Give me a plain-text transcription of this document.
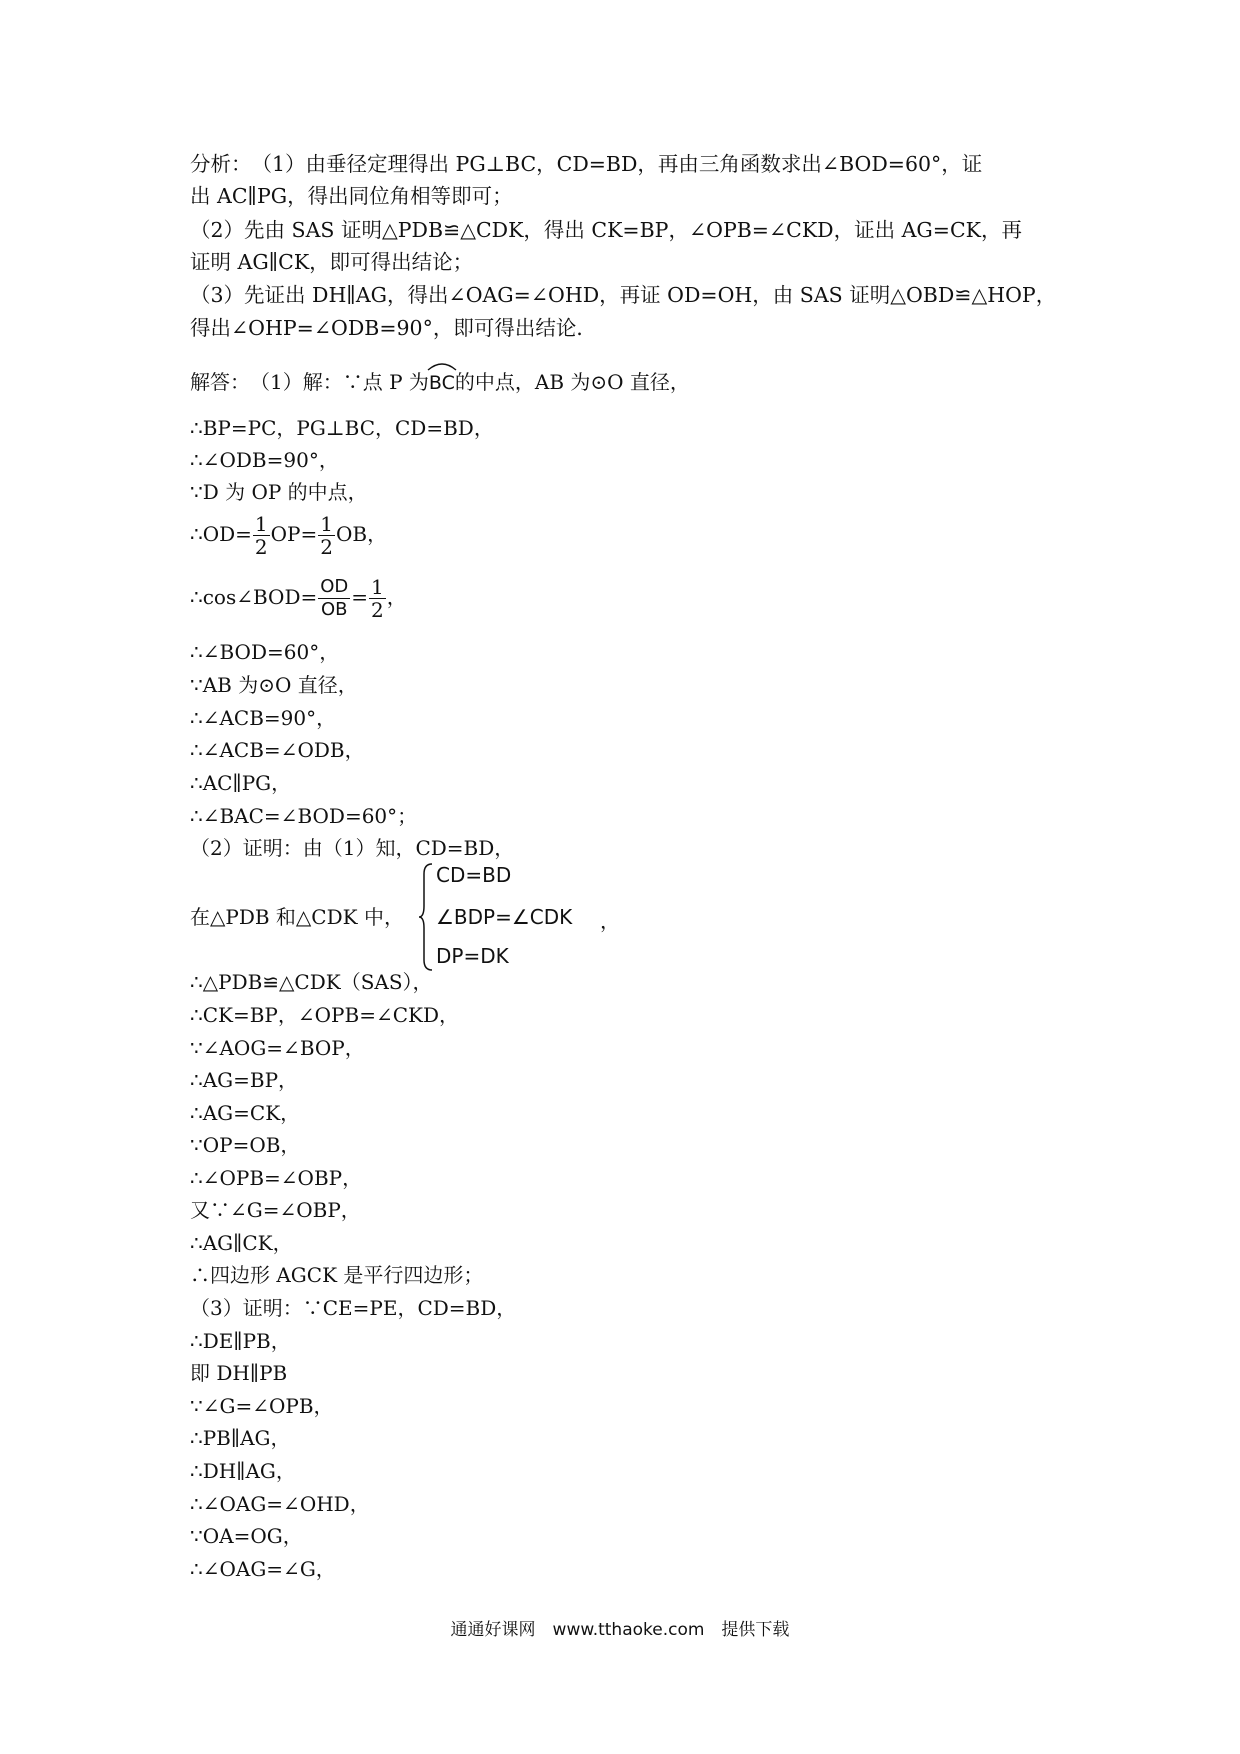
分析：　（1）由垂径定理得出 PG⊥BC，CD=BD，再由三角函数求出∠BOD=60°，证
出 AC∥PG，得出同位角相等即可；
（2）先由 SAS 证明△PDB≌△CDK，得出 CK=BP，∠OPB=∠CKD，证出 AG=CK，再
证明 AG∥CK，即可得出结论；
（3）先证出 DH∥AG，得出∠OAG=∠OHD，再证 OD=OH，由 SAS 证明△OBD≌△HOP，
得出∠OHP=∠ODB=90°，即可得出结论．
解答：　（1）解：∵点 P 为
BC的中点，AB 为⊙O 直径，
∴BP=PC，PG⊥BC，CD=BD，
∴∠ODB=90°，
∵D 为 OP 的中点，
∴OD= $\frac{1}{2} OP= \frac{1}{2}$ OB，
∴cos∠BOD= $\frac{OD}{OB} = \frac{1}{2}$ ，
∴∠BOD=60°，
∵AB 为⊙O 直径，
∴∠ACB=90°，
∴∠ACB=∠ODB，
∴AC∥PG，
∴∠BAC=∠BOD=60°；
（2）证明：由（1）知，CD=BD，
在△PDB 和△CDK 中，
CD=BD
∠BDP=∠CDK
DP=DK
，
∴△PDB≌△CDK（SAS），
∴CK=BP，∠OPB=∠CKD，
∵∠AOG=∠BOP，
∴AG=BP，
∴AG=CK，
∵OP=OB，
∴∠OPB=∠OBP，
又∵∠G=∠OBP，
∴AG∥CK，
∴四边形 AGCK 是平行四边形；
（3）证明：∵CE=PE，CD=BD，
∴DE∥PB，
即 DH∥PB
∵∠G=∠OPB，
∴PB∥AG，
∴DH∥AG，
∴∠OAG=∠OHD，
∵OA=OG，
∴∠OAG=∠G，
通通好课网　www.tthaoke.com　提供下载
